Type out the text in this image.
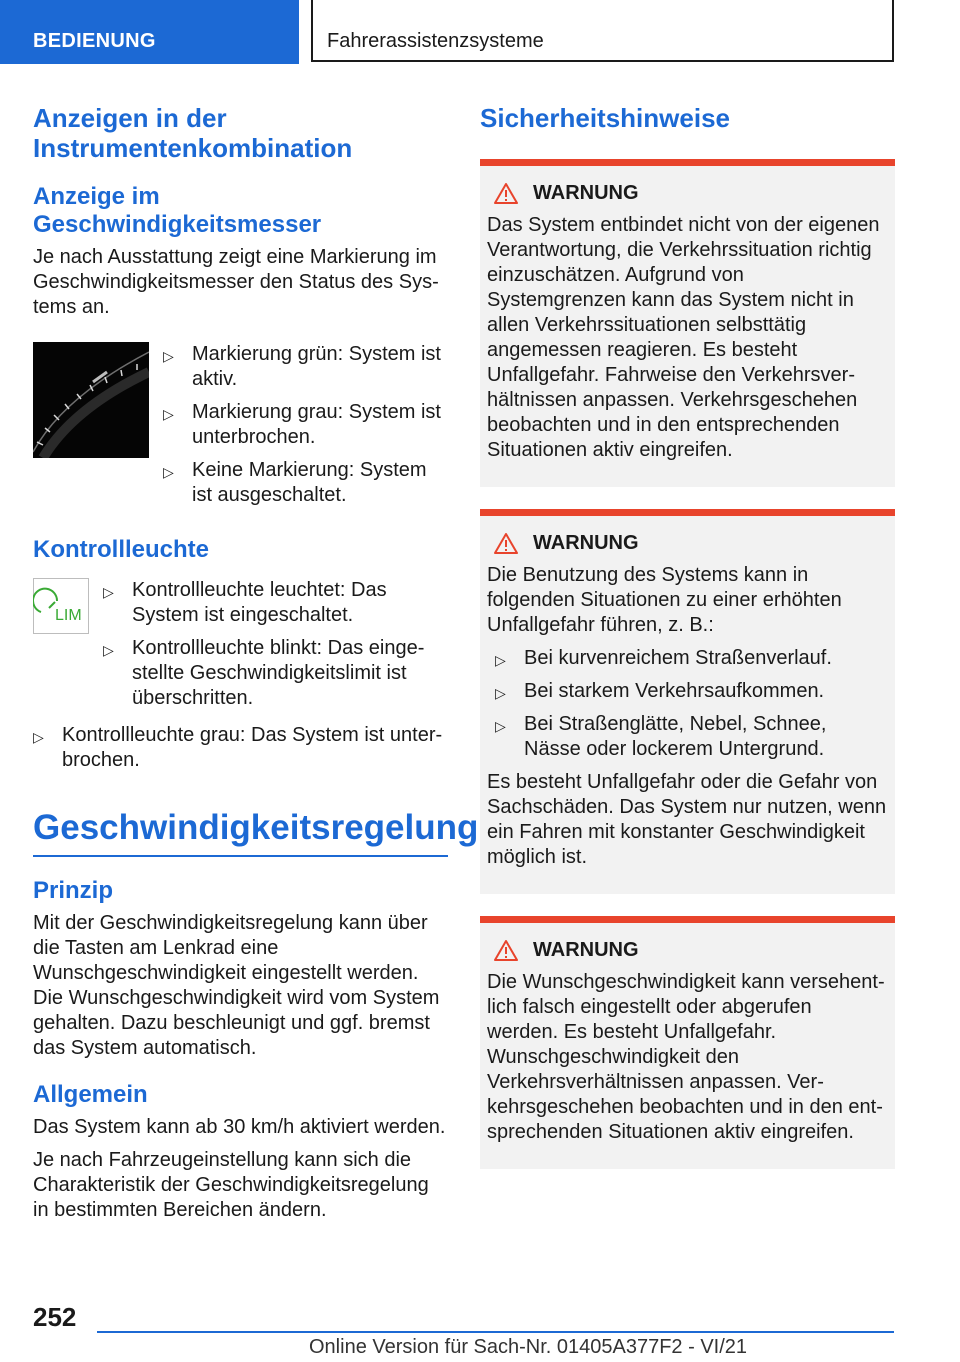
BEDIENUNG	Fahrerassistenzsysteme
Anzeigen in der Instrumentenkombination
Anzeige im Geschwindigkeitsmesser

Je nach Ausstattung zeigt eine Markierung im Geschwindigkeitsmesser den Status des Systems an.

▷ Markierung grün: System ist aktiv.
▷ Markierung grau: System ist unterbrochen.
▷ Keine Markierung: System ist ausgeschaltet.
Kontrollleuchte
LIM
▷ Kontrollleuchte leuchtet: Das System ist eingeschaltet.
▷ Kontrollleuchte blinkt: Das eingestellte Geschwindigkeitslimit ist überschritten.
▷ Kontrollleuchte grau: Das System ist unterbrochen.
Geschwindigkeitsregelung
Prinzip

Mit der Geschwindigkeitsregelung kann über die Tasten am Lenkrad eine Wunschgeschwindigkeit eingestellt werden. Die Wunschgeschwindigkeit wird vom System gehalten. Dazu beschleunigt und ggf. bremst das System automatisch.

Allgemein

Das System kann ab 30 km/h aktiviert werden.

Je nach Fahrzeugeinstellung kann sich die Charakteristik der Geschwindigkeitsregelung in bestimmten Bereichen ändern.

Sicherheitshinweise
WARNUNG

Das System entbindet nicht von der eigenen Verantwortung, die Verkehrssituation richtig einzuschätzen. Aufgrund von Systemgrenzen kann das System nicht in allen Verkehrssituationen selbsttätig angemessen reagieren. Es besteht Unfallgefahr. Fahrweise den Verkehrsverhältnissen anpassen. Verkehrsgeschehen beobachten und in den entsprechenden Situationen aktiv eingreifen.

WARNUNG

Die Benutzung des Systems kann in folgenden Situationen zu einer erhöhten Unfallgefahr führen, z. B.:

▷ Bei kurvenreichem Straßenverlauf.
▷ Bei starkem Verkehrsaufkommen.
▷ Bei Straßenglätte, Nebel, Schnee, Nässe oder lockerem Untergrund.

Es besteht Unfallgefahr oder die Gefahr von Sachschäden. Das System nur nutzen, wenn ein Fahren mit konstanter Geschwindigkeit möglich ist.

WARNUNG

Die Wunschgeschwindigkeit kann versehentlich falsch eingestellt oder abgerufen werden. Es besteht Unfallgefahr. Wunschgeschwindigkeit den Verkehrsverhältnissen anpassen. Verkehrsgeschehen beobachten und in den entsprechenden Situationen aktiv eingreifen.

252
Online Version für Sach-Nr. 01405A377F2 - VI/21
